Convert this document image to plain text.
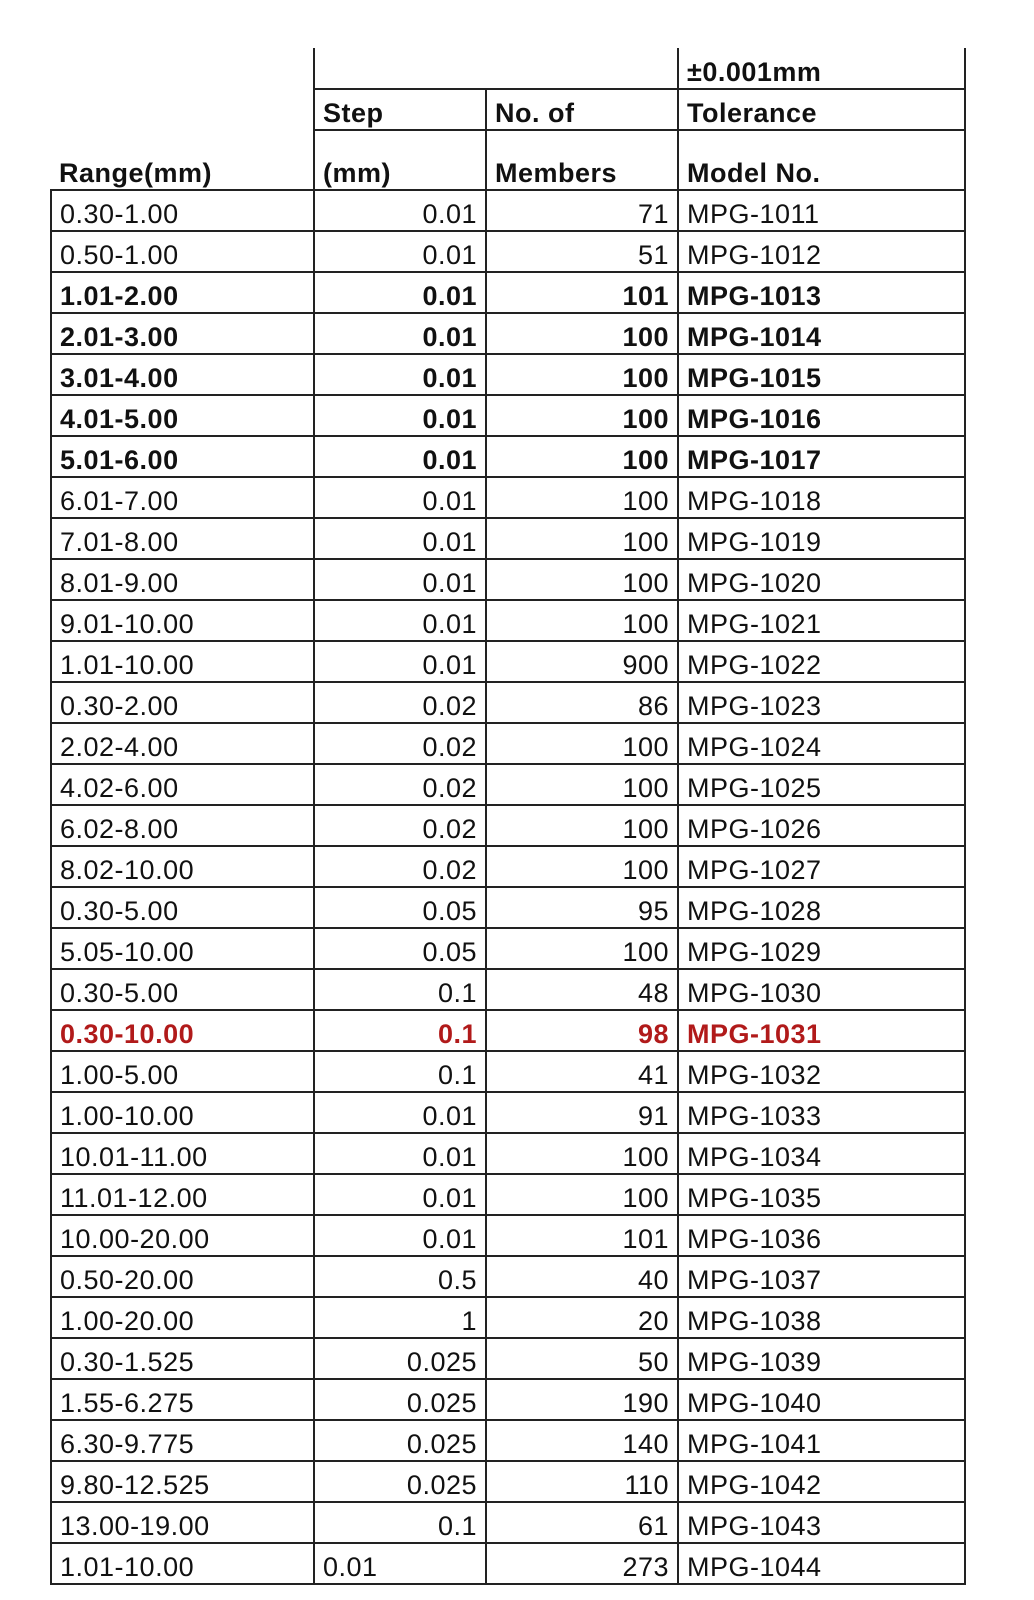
			±0.001mm
	Step	No. of	Tolerance
Range(mm)	(mm)	Members	Model No.
0.30-1.00	0.01	71	MPG-1011
0.50-1.00	0.01	51	MPG-1012
1.01-2.00	0.01	101	MPG-1013
2.01-3.00	0.01	100	MPG-1014
3.01-4.00	0.01	100	MPG-1015
4.01-5.00	0.01	100	MPG-1016
5.01-6.00	0.01	100	MPG-1017
6.01-7.00	0.01	100	MPG-1018
7.01-8.00	0.01	100	MPG-1019
8.01-9.00	0.01	100	MPG-1020
9.01-10.00	0.01	100	MPG-1021
1.01-10.00	0.01	900	MPG-1022
0.30-2.00	0.02	86	MPG-1023
2.02-4.00	0.02	100	MPG-1024
4.02-6.00	0.02	100	MPG-1025
6.02-8.00	0.02	100	MPG-1026
8.02-10.00	0.02	100	MPG-1027
0.30-5.00	0.05	95	MPG-1028
5.05-10.00	0.05	100	MPG-1029
0.30-5.00	0.1	48	MPG-1030
0.30-10.00	0.1	98	MPG-1031
1.00-5.00	0.1	41	MPG-1032
1.00-10.00	0.01	91	MPG-1033
10.01-11.00	0.01	100	MPG-1034
11.01-12.00	0.01	100	MPG-1035
10.00-20.00	0.01	101	MPG-1036
0.50-20.00	0.5	40	MPG-1037
1.00-20.00	1	20	MPG-1038
0.30-1.525	0.025	50	MPG-1039
1.55-6.275	0.025	190	MPG-1040
6.30-9.775	0.025	140	MPG-1041
9.80-12.525	0.025	110	MPG-1042
13.00-19.00	0.1	61	MPG-1043
1.01-10.00	0.01	273	MPG-1044
